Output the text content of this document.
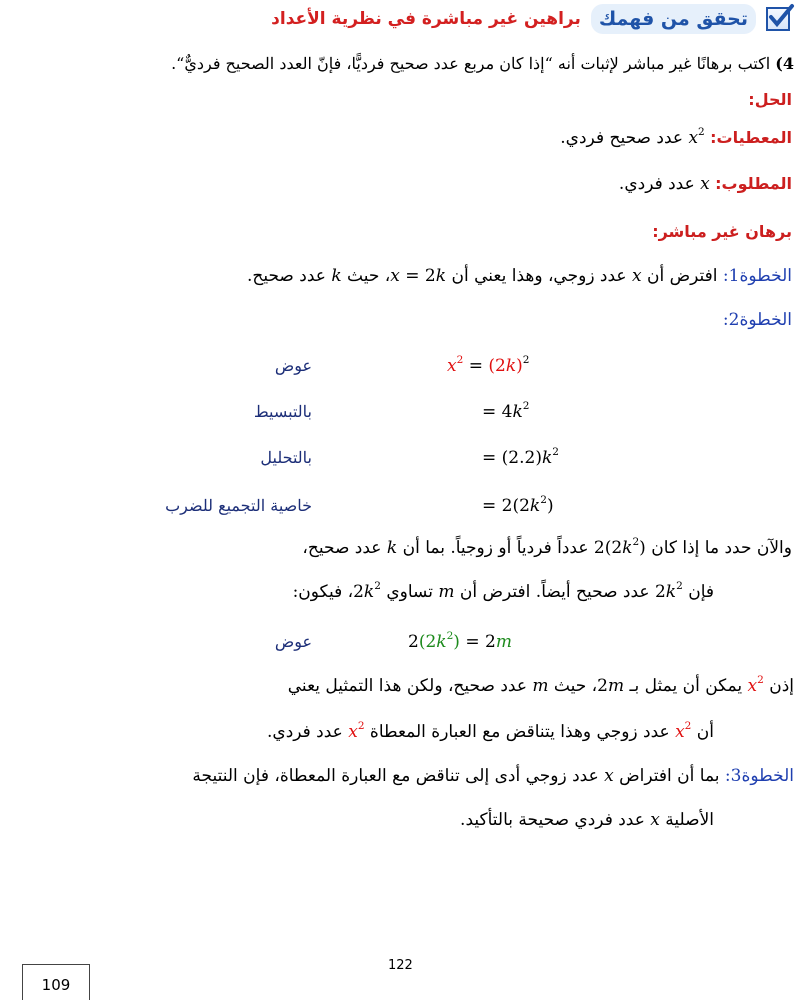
تحقق من فهمك
براهين غير مباشرة في نظرية الأعداد
4) اكتب برهانًا غير مباشر لإثبات أنه “إذا كان مربع عدد صحيح فرديًّا، فإنّ العدد الصحيح فرديٌّ“.
الحل:
المعطيات: $x^2$ عدد صحيح فردي.
المطلوب: x عدد فردي.
برهان غير مباشر:
الخطوة1: افترض أن x عدد زوجي، وهذا يعني أن x = 2k، حيث k عدد صحيح.
الخطوة2:
عوض	$x^2 = (2k)^2$
بالتبسيط	= $4k^2$
بالتحليل	= $(2.2)k^2$
خاصية التجميع للضرب	= $2(2k^2)$
والآن حدد ما إذا كان $2(2k^2)$ عدداً فردياً أو زوجياً. بما أن k عدد صحيح،
فإن $2k^2$ عدد صحيح أيضاً. افترض أن m تساوي $2k^2،$ فيكون:
عوض	$2(2k^2) = 2m$
إذن $x^2$ يمكن أن يمثل بـ 2m، حيث m عدد صحيح، ولكن هذا التمثيل يعني
أن $x^2$ عدد زوجي وهذا يتناقض مع العبارة المعطاة $x^2$ عدد فردي.
الخطوة3: بما أن افتراض x عدد زوجي أدى إلى تناقض مع العبارة المعطاة، فإن النتيجة
الأصلية x عدد فردي صحيحة بالتأكيد.
122
109
